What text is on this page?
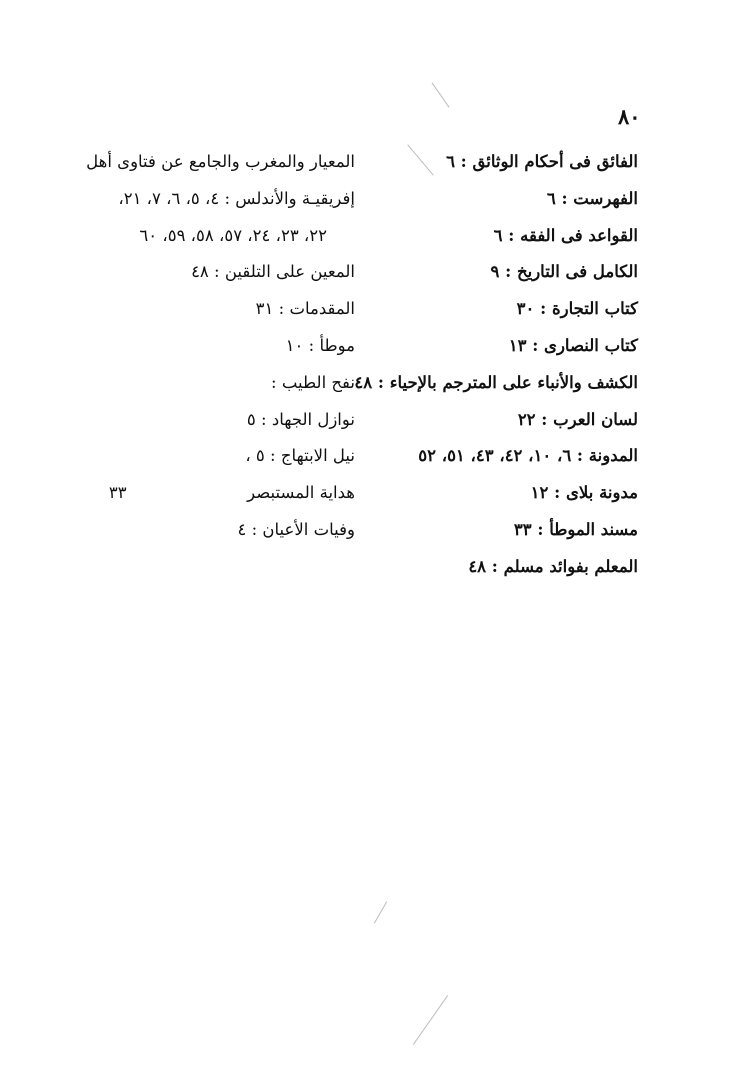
٨٠
الفائق فى أحكام الوثائق : ٦
الفهرست : ٦
القواعد فى الفقه : ٦
الكامل فى التاريخ : ٩
كتاب التجارة : ٣٠
كتاب النصارى : ١٣
الكشف والأنباء على المترجم بالإحياء : ٤٨
لسان العرب : ٢٢
المدونة : ٦، ١٠، ٤٢، ٤٣، ٥١، ٥٢
مدونة بلاى : ١٢
مسند الموطأ : ٣٣
المعلم بفوائد مسلم : ٤٨
المعيار والمغرب والجامع عن فتاوى أهل
إفريقيـة والأندلس : ٤، ٥، ٦، ٧، ٢١،
٢٢، ٢٣، ٢٤، ٥٧، ٥٨، ٥٩، ٦٠
المعين على التلقين : ٤٨
المقدمات : ٣١
موطأ : ١٠
نفح الطيب :
نوازل الجهاد : ٥
نيل الابتهاج : ٥ ،
هداية المستبصر  ٣٣
وفيات الأعيان : ٤
